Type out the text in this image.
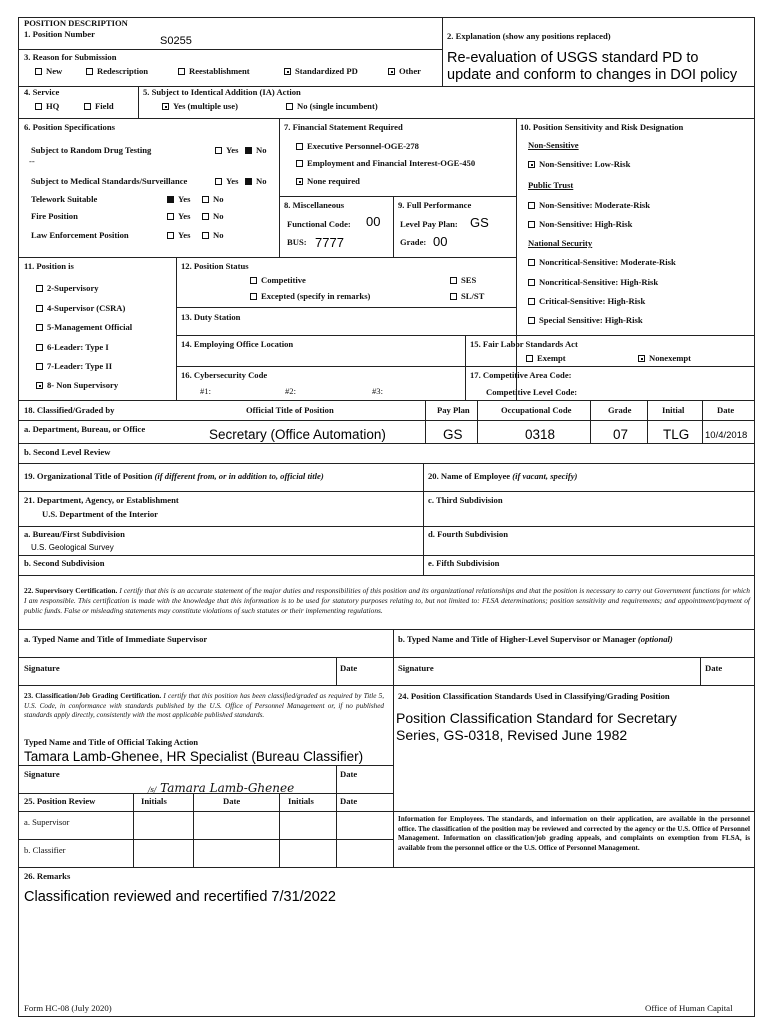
POSITION DESCRIPTION
1. Position Number
S0255	2. Explanation (show any positions replaced)
Re-evaluation of USGS standard PD to
update and conform to changes in DOI policy
3. Reason for Submission
New	Redescription	Reestablishment	Standardized PD	Other
4. Service
HQ	Field
5. Subject to Identical Addition (IA) Action
Yes (multiple use)	No (single incumbent)
6. Position Specifications
Subject to Random Drug Testing	Yes	No
--
Subject to Medical Standards/Surveillance	Yes	No
Telework Suitable	Yes	No
Fire Position	Yes	No
Law Enforcement Position	Yes	No
7. Financial Statement Required
Executive Personnel-OGE-278
Employment and Financial Interest-OGE-450
None required
8. Miscellaneous
Functional Code: 00
BUS: 7777
9. Full Performance
Level Pay Plan: GS
Grade: 00
10. Position Sensitivity and Risk Designation
Non-Sensitive
Non-Sensitive: Low-Risk
Public Trust
Non-Sensitive: Moderate-Risk
Non-Sensitive: High-Risk
National Security
Noncritical-Sensitive: Moderate-Risk
Noncritical-Sensitive: High-Risk
Critical-Sensitive: High-Risk
Special Sensitive: High-Risk
11. Position is
2-Supervisory
4-Supervisor (CSRA)
5-Management Official
6-Leader: Type I
7-Leader: Type II
8- Non Supervisory
12. Position Status
Competitive
Excepted (specify in remarks)
SES
SL/ST
13. Duty Station
14. Employing Office Location	15. Fair Labor Standards Act
Exempt	Nonexempt
16. Cybersecurity Code
#1:	#2:	#3:
17. Competitive Area Code:
Competitive Level Code:
18. Classified/Graded by	Official Title of Position	Pay Plan	Occupational Code	Grade	Initial	Date
a. Department, Bureau, or Office	Secretary (Office Automation)	GS	0318	07	TLG 10/4/2018
b. Second Level Review
19. Organizational Title of Position (if different from, or in addition to, official title)	20. Name of Employee (if vacant, specify)
21. Department, Agency, or Establishment
U.S. Department of the Interior
c. Third Subdivision
a. Bureau/First Subdivision
U.S. Geological Survey
d. Fourth Subdivision
b. Second Subdivision	e. Fifth Subdivision
22. Supervisory Certification. I certify that this is an accurate statement of the major duties and responsibilities of this position and its organizational relationships and that the position is necessary to carry out Government functions for which I am responsible. This certification is made with the knowledge that this information is to be used for statutory purposes relating to, but not limited to: FLSA determinations; position sensitivity and requirements; and appointment/payment of public funds. False or misleading statements may constitute violations of such statutes or their implementing regulations.
a. Typed Name and Title of Immediate Supervisor	b. Typed Name and Title of Higher-Level Supervisor or Manager (optional)
Signature	Date	Signature	Date
23. Classification/Job Grading Certification. I certify that this position has been classified/graded as required by Title 5, U.S. Code, in conformance with standards published by the U.S. Office of Personnel Management or, if no published standards apply directly, consistently with the most applicable published standards.
Typed Name and Title of Official Taking Action
Tamara Lamb-Ghenee, HR Specialist (Bureau Classifier)
Signature	Date
/s/ Tamara Lamb-Ghenee
24. Position Classification Standards Used in Classifying/Grading Position
Position Classification Standard for Secretary
Series, GS-0318, Revised June 1982
25. Position Review	Initials	Date	Initials	Date
a. Supervisor
b. Classifier
Information for Employees. The standards, and information on their application, are available in the personnel office. The classification of the position may be reviewed and corrected by the agency or the U.S. Office of Personnel Management. Information on classification/job grading appeals, and complaints on exemption from FLSA, is available from the personnel office or the U.S. Office of Personnel Management.
26. Remarks
Classification reviewed and recertified 7/31/2022
Form HC-08 (July 2020)	Office of Human Capital
